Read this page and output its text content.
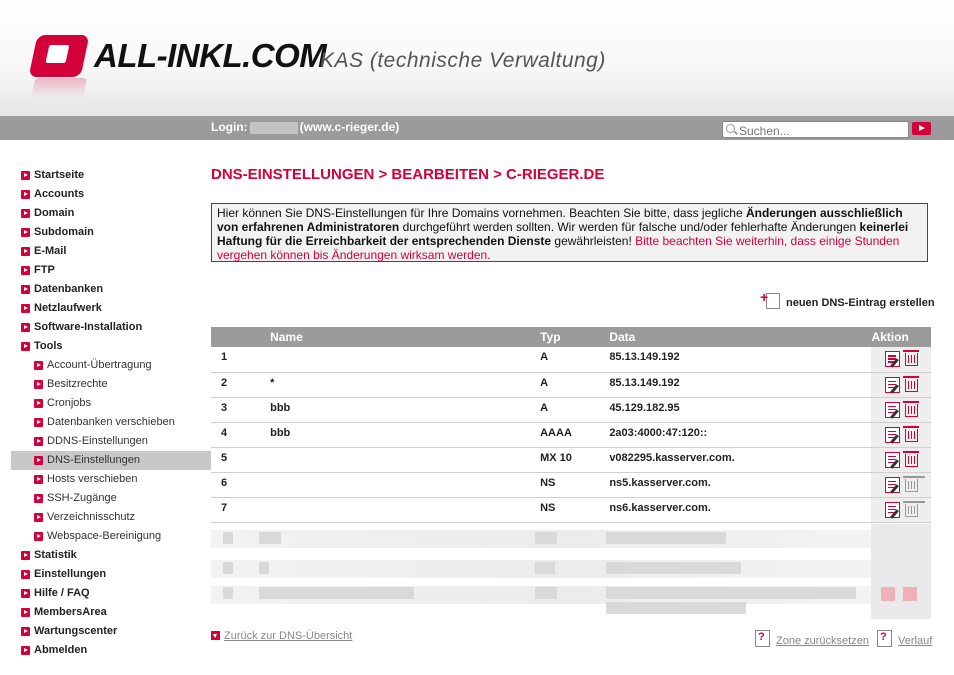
ALL-INKL.COM
KAS (technische Verwaltung)
Login:	(www.c-rieger.de)
Suchen...
Startseite
Accounts
Domain
Subdomain
E-Mail
FTP
Datenbanken
Netzlaufwerk
Software-Installation
Tools
Account-Übertragung
Besitzrechte
Cronjobs
Datenbanken verschieben
DDNS-Einstellungen
DNS-Einstellungen
Hosts verschieben
SSH-Zugänge
Verzeichnisschutz
Webspace-Bereinigung
Statistik
Einstellungen
Hilfe / FAQ
MembersArea
Wartungscenter
Abmelden
DNS-EINSTELLUNGEN > BEARBEITEN > C-RIEGER.DE
Hier können Sie DNS-Einstellungen für Ihre Domains vornehmen. Beachten Sie bitte, dass jegliche Änderungen ausschließlich von erfahrenen Administratoren durchgeführt werden sollten. Wir werden für falsche und/oder fehlerhafte Änderungen keinerlei Haftung für die Erreichbarkeit der entsprechenden Dienste gewährleisten! Bitte beachten Sie weiterhin, dass einige Stunden vergehen können bis Änderungen wirksam werden.
+neuen DNS-Eintrag erstellen
	Name	Typ	Data	Aktion
1		A	85.13.149.192	
2	*	A	85.13.149.192	
3	bbb	A	45.129.182.95	
4	bbb	AAAA	2a03:4000:47:120::	
5		MX 10	v082295.kasserver.com.	
6		NS	ns5.kasserver.com.	
7		NS	ns6.kasserver.com.	
Zurück zur DNS-Übersicht ?	Zone zurücksetzen ?	Verlauf
